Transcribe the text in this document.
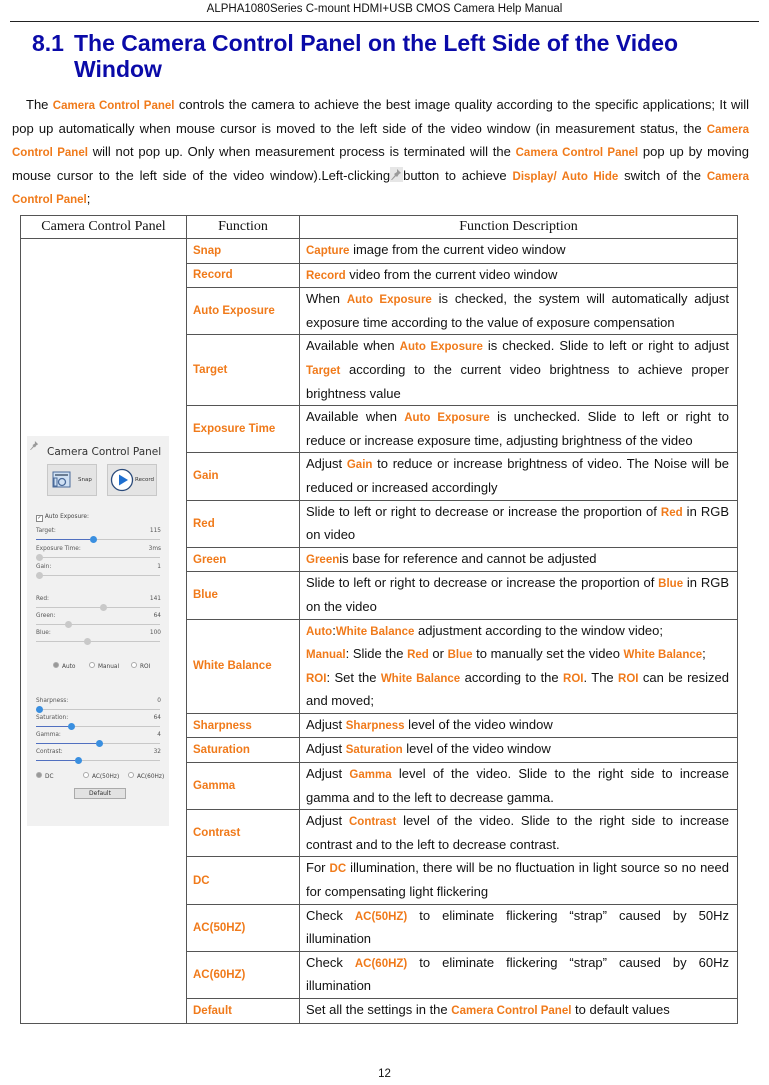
ALPHA1080Series C-mount HDMI+USB CMOS Camera Help Manual
8.1 The Camera Control Panel on the Left Side of the Video
Window
The Camera Control Panel controls the camera to achieve the best image quality according to the specific applications; It will pop up automatically when mouse cursor is moved to the left side of the video window (in measurement status, the Camera Control Panel will not pop up. Only when measurement process is terminated will the Camera Control Panel pop up by moving mouse cursor to the left side of the video window).Left-clicking button to achieve Display/ Auto Hide switch of the Camera Control Panel;
Camera Control Panel	Function	Function Description

Camera Control Panel
Snap	Record
✓ Auto Exposure:
Target:	115
Exposure Time:	3ms
Gain:	1
Red:	141
Green:	64
Blue:	100
Sharpness:	0
Saturation:	64
Gamma:	4
Contrast:	32
Auto	Manual	ROI
DC	AC(50Hz)	AC(60Hz)
Default
	Snap	Capture image from the current video window
	Record	Record video from the current video window
	Auto Exposure	When Auto Exposure is checked, the system will automatically adjust exposure time according to the value of exposure compensation
	Target	Available when Auto Exposure is checked. Slide to left or right to adjust Target according to the current video brightness to achieve proper brightness value
	Exposure Time	Available when Auto Exposure is unchecked. Slide to left or right to reduce or increase exposure time, adjusting brightness of the video
	Gain	Adjust Gain to reduce or increase brightness of video. The Noise will be reduced or increased accordingly
	Red	Slide to left or right to decrease or increase the proportion of Red in RGB on video
	Green	Greenis base for reference and cannot be adjusted
	Blue	Slide to left or right to decrease or increase the proportion of Blue in RGB on the video
	White Balance	Auto:White Balance adjustment according to the window video;
Manual: Slide the Red or Blue to manually set the video White Balance;
ROI: Set the White Balance according to the ROI. The ROI can be resized and moved;
	Sharpness	Adjust Sharpness level of the video window
	Saturation	Adjust Saturation level of the video window
	Gamma	Adjust Gamma level of the video. Slide to the right side to increase gamma and to the left to decrease gamma.
	Contrast	Adjust Contrast level of the video. Slide to the right side to increase contrast and to the left to decrease contrast.
	DC	For DC illumination, there will be no fluctuation in light source so no need for compensating light flickering
	AC(50HZ)	Check AC(50HZ) to eliminate flickering “strap” caused by 50Hz illumination
	AC(60HZ)	Check AC(60HZ) to eliminate flickering “strap” caused by 60Hz illumination
	Default	Set all the settings in the Camera Control Panel to default values
12
